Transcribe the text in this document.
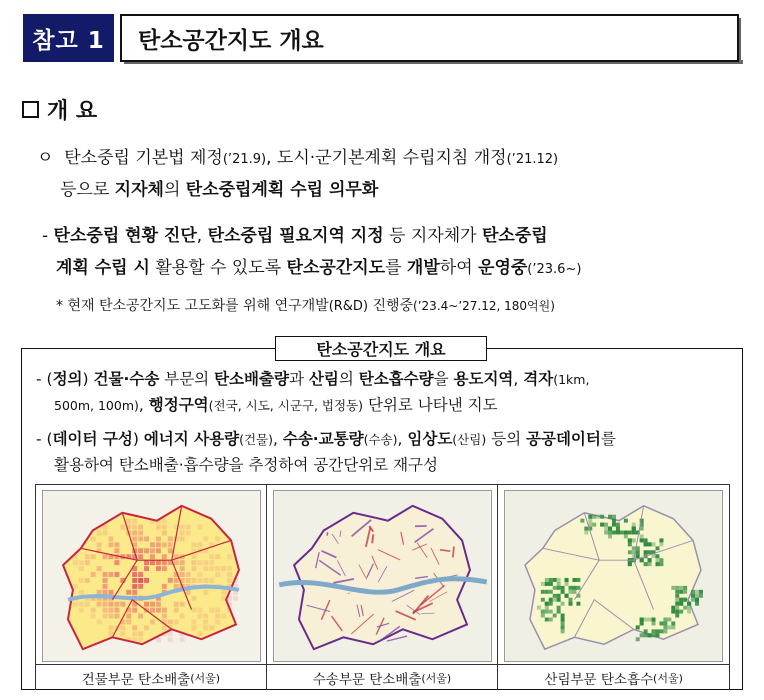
참고 1	탄소공간지도 개요
개 요
ㅇ 탄소중립 기본법 제정(’21.9), 도시·군기본계획 수립지침 개정(’21.12)
등으로 지자체의 탄소중립계획 수립 의무화
- 탄소중립 현황 진단, 탄소중립 필요지역 지정 등 지자체가 탄소중립
계획 수립 시 활용할 수 있도록 탄소공간지도를 개발하여 운영중(’23.6~)
* 현재 탄소공간지도 고도화를 위해 연구개발(R&D) 진행중(’23.4~’27.12, 180억원)
탄소공간지도 개요
- (정의) 건물·수송 부문의 탄소배출량과 산림의 탄소흡수량을 용도지역, 격자(1km,
500m, 100m), 행정구역(전국, 시도, 시군구, 법정동) 단위로 나타낸 지도
- (데이터 구성) 에너지 사용량(건물), 수송·교통량(수송), 임상도(산림) 등의 공공데이터를
활용하여 탄소배출·흡수량을 추정하여 공간단위로 재구성
건물부문 탄소배출 (서울)	수송부문 탄소배출 (서울)	산림부문 탄소흡수 (서울)
